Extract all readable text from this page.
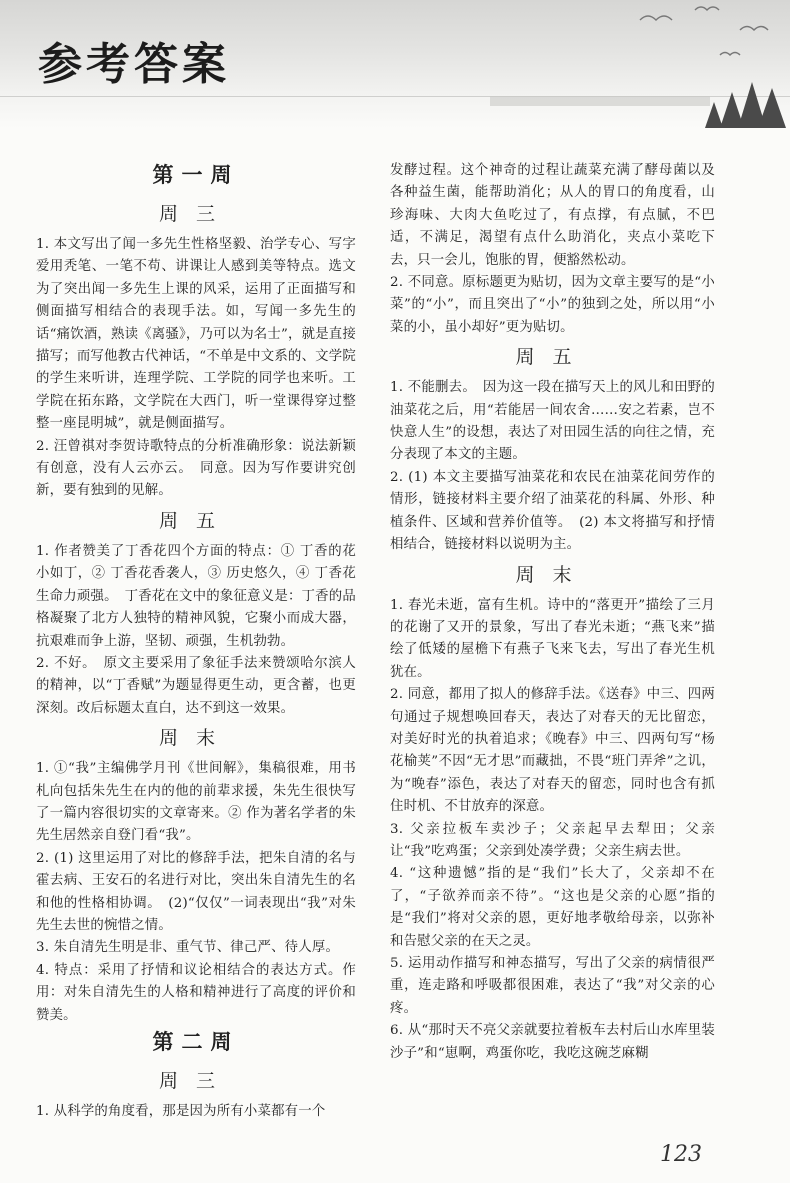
参考答案
第一周
周三
1. 本文写出了闻一多先生性格坚毅、治学专心、写字爱用秃笔、一笔不苟、讲课让人感到美等特点。选文为了突出闻一多先生上课的风采，运用了正面描写和侧面描写相结合的表现手法。如，写闻一多先生的话“痛饮酒，熟读《离骚》，乃可以为名士”，就是直接描写；而写他教古代神话，“不单是中文系的、文学院的学生来听讲，连理学院、工学院的同学也来听。工学院在拓东路，文学院在大西门，听一堂课得穿过整整一座昆明城”，就是侧面描写。
2. 汪曾祺对李贺诗歌特点的分析准确形象：说法新颖有创意，没有人云亦云。　同意。因为写作要讲究创新，要有独到的见解。
周五
1. 作者赞美了丁香花四个方面的特点：① 丁香的花小如丁，② 丁香花香袭人，③ 历史悠久，④ 丁香花生命力顽强。　丁香花在文中的象征意义是：丁香的品格凝聚了北方人独特的精神风貌，它聚小而成大器，抗艰难而争上游，坚韧、顽强，生机勃勃。
2. 不好。　原文主要采用了象征手法来赞颂哈尔滨人的精神，以“丁香赋”为题显得更生动，更含蓄，也更深刻。改后标题太直白，达不到这一效果。
周末
1. ①“我”主编佛学月刊《世间解》，集稿很难，用书札向包括朱先生在内的他的前辈求援，朱先生很快写了一篇内容很切实的文章寄来。② 作为著名学者的朱先生居然亲自登门看“我”。
2. (1) 这里运用了对比的修辞手法，把朱自清的名与霍去病、王安石的名进行对比，突出朱自清先生的名和他的性格相协调。　(2)“仅仅”一词表现出“我”对朱先生去世的惋惜之情。
3. 朱自清先生明是非、重气节、律己严、待人厚。
4. 特点：采用了抒情和议论相结合的表达方式。作用：对朱自清先生的人格和精神进行了高度的评价和赞美。
第二周
周三
1. 从科学的角度看，那是因为所有小菜都有一个
发酵过程。这个神奇的过程让蔬菜充满了酵母菌以及各种益生菌，能帮助消化；从人的胃口的角度看，山珍海味、大肉大鱼吃过了，有点撑，有点腻，不巴适，不满足，渴望有点什么助消化，夹点小菜吃下去，只一会儿，饱胀的胃，便豁然松动。
2. 不同意。原标题更为贴切，因为文章主要写的是“小菜”的“小”，而且突出了“小”的独到之处，所以用“小菜的小，虽小却好”更为贴切。
周五
1. 不能删去。　因为这一段在描写天上的风儿和田野的油菜花之后，用“若能居一间农舍……安之若素，岂不快意人生”的设想，表达了对田园生活的向往之情，充分表现了本文的主题。
2. (1) 本文主要描写油菜花和农民在油菜花间劳作的情形，链接材料主要介绍了油菜花的科属、外形、种植条件、区域和营养价值等。　(2) 本文将描写和抒情相结合，链接材料以说明为主。
周末
1. 春光未逝，富有生机。诗中的“落更开”描绘了三月的花谢了又开的景象，写出了春光未逝；“燕飞来”描绘了低矮的屋檐下有燕子飞来飞去，写出了春光生机犹在。
2. 同意，都用了拟人的修辞手法。《送春》中三、四两句通过子规想唤回春天，表达了对春天的无比留恋，对美好时光的执着追求；《晚春》中三、四两句写“杨花榆荚”不因“无才思”而藏拙，不畏“班门弄斧”之讥，为“晚春”添色，表达了对春天的留恋，同时也含有抓住时机、不甘放弃的深意。
3. 父亲拉板车卖沙子；父亲起早去犁田；父亲让“我”吃鸡蛋；父亲到处凑学费；父亲生病去世。
4. “这种遗憾”指的是“我们”长大了，父亲却不在了，“子欲养而亲不待”。“这也是父亲的心愿”指的是“我们”将对父亲的恩，更好地孝敬给母亲，以弥补和告慰父亲的在天之灵。
5. 运用动作描写和神态描写，写出了父亲的病情很严重，连走路和呼吸都很困难，表达了“我”对父亲的心疼。
6. 从“那时天不亮父亲就要拉着板车去村后山水库里装沙子”和“崽啊，鸡蛋你吃，我吃这碗芝麻糊
123
